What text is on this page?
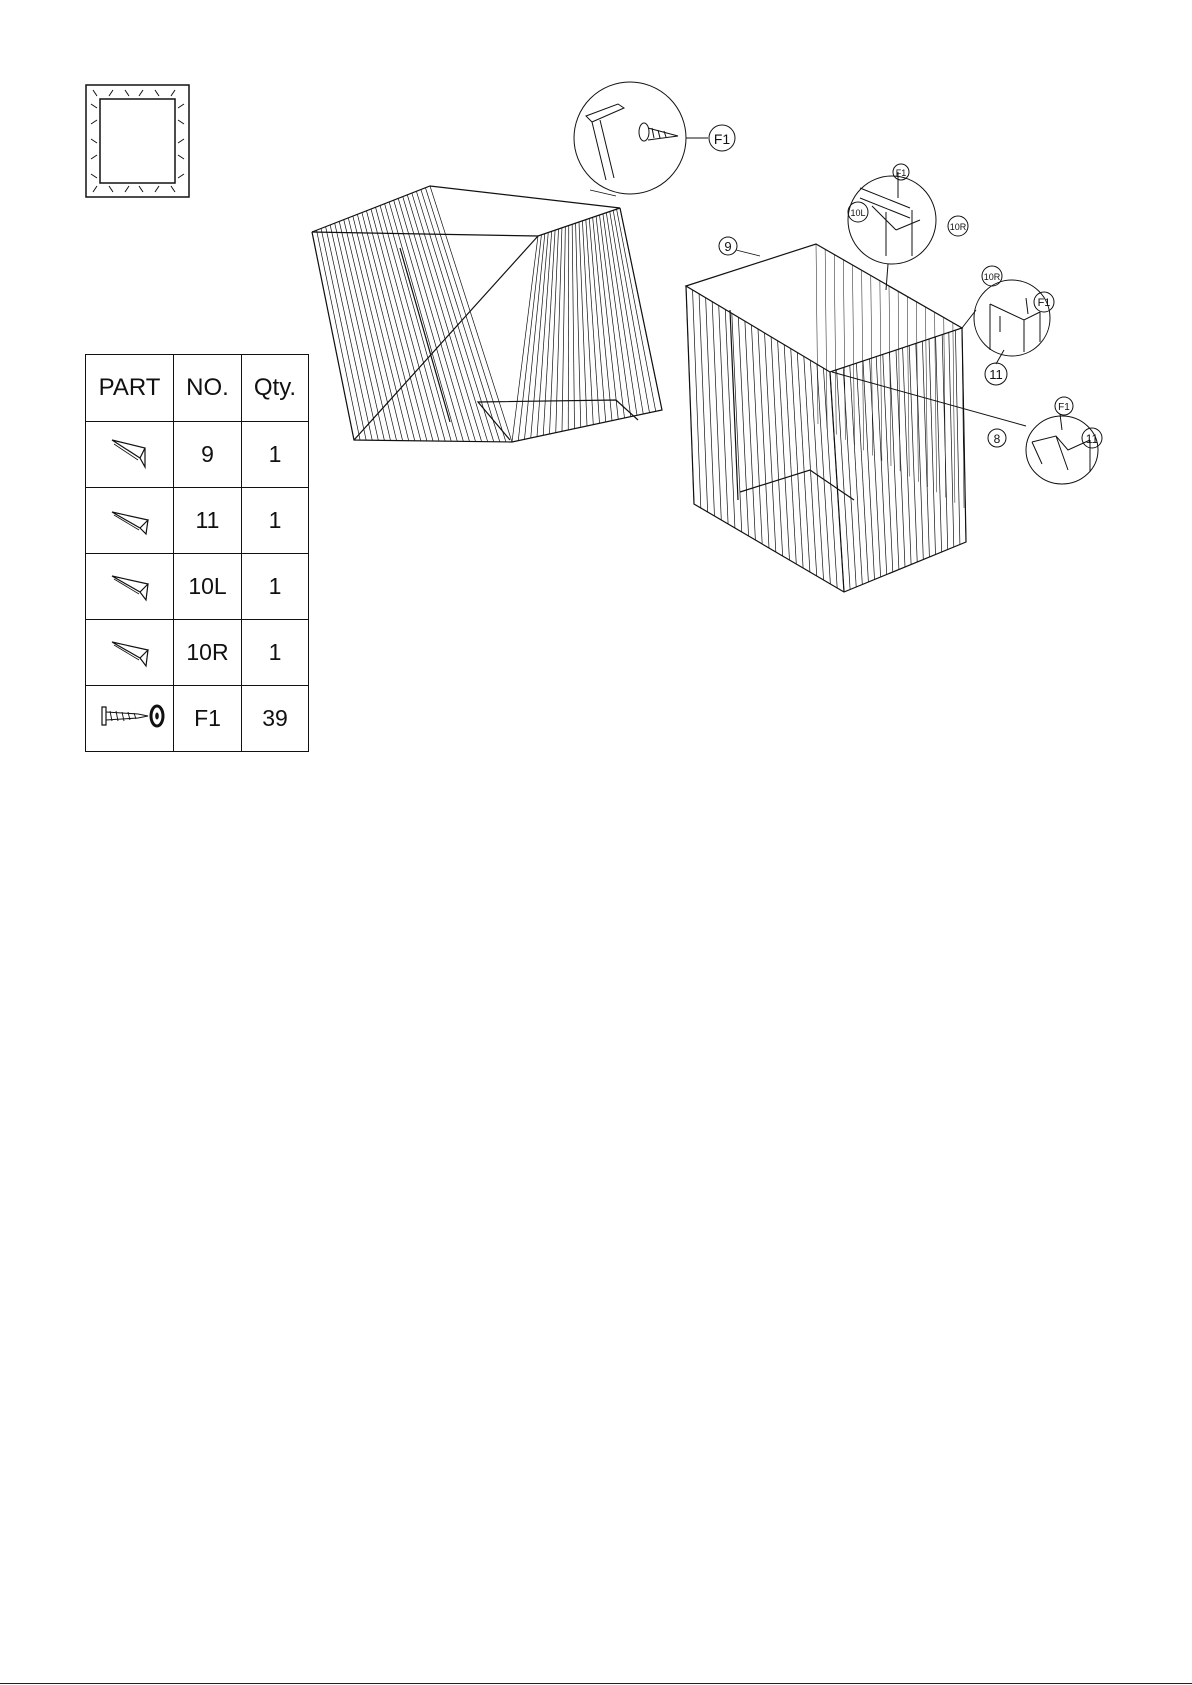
PART	NO.	Qty.
	9	1
	11	1
	10L	1
	10R	1
	F1	39
F1
9
F1
10L
10R
10R
F1
11
F1
8	11
